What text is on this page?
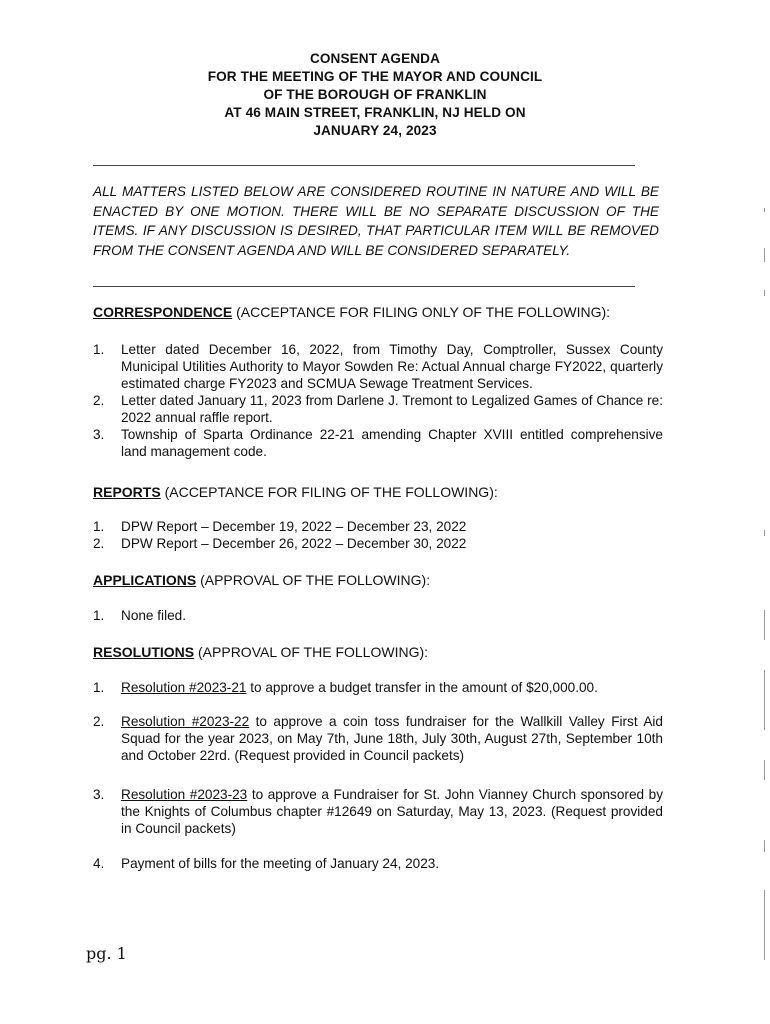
CONSENT AGENDA
FOR THE MEETING OF THE MAYOR AND COUNCIL
OF THE BOROUGH OF FRANKLIN
AT 46 MAIN STREET, FRANKLIN, NJ HELD ON
JANUARY 24, 2023
ALL MATTERS LISTED BELOW ARE CONSIDERED ROUTINE IN NATURE AND WILL BE ENACTED BY ONE MOTION. THERE WILL BE NO SEPARATE DISCUSSION OF THE ITEMS. IF ANY DISCUSSION IS DESIRED, THAT PARTICULAR ITEM WILL BE REMOVED FROM THE CONSENT AGENDA AND WILL BE CONSIDERED SEPARATELY.
CORRESPONDENCE (ACCEPTANCE FOR FILING ONLY OF THE FOLLOWING):
1. Letter dated December 16, 2022, from Timothy Day, Comptroller, Sussex County Municipal Utilities Authority to Mayor Sowden Re: Actual Annual charge FY2022, quarterly estimated charge FY2023 and SCMUA Sewage Treatment Services.
2. Letter dated January 11, 2023 from Darlene J. Tremont to Legalized Games of Chance re: 2022 annual raffle report.
3. Township of Sparta Ordinance 22-21 amending Chapter XVIII entitled comprehensive land management code.
REPORTS (ACCEPTANCE FOR FILING OF THE FOLLOWING):
1. DPW Report – December 19, 2022 – December 23, 2022
2. DPW Report – December 26, 2022 – December 30, 2022
APPLICATIONS (APPROVAL OF THE FOLLOWING):
1. None filed.
RESOLUTIONS (APPROVAL OF THE FOLLOWING):
1. Resolution #2023-21 to approve a budget transfer in the amount of $20,000.00.
2. Resolution #2023-22 to approve a coin toss fundraiser for the Wallkill Valley First Aid Squad for the year 2023, on May 7th, June 18th, July 30th, August 27th, September 10th and October 22rd. (Request provided in Council packets)
3. Resolution #2023-23 to approve a Fundraiser for St. John Vianney Church sponsored by the Knights of Columbus chapter #12649 on Saturday, May 13, 2023. (Request provided in Council packets)
4. Payment of bills for the meeting of January 24, 2023.
pg. 1
